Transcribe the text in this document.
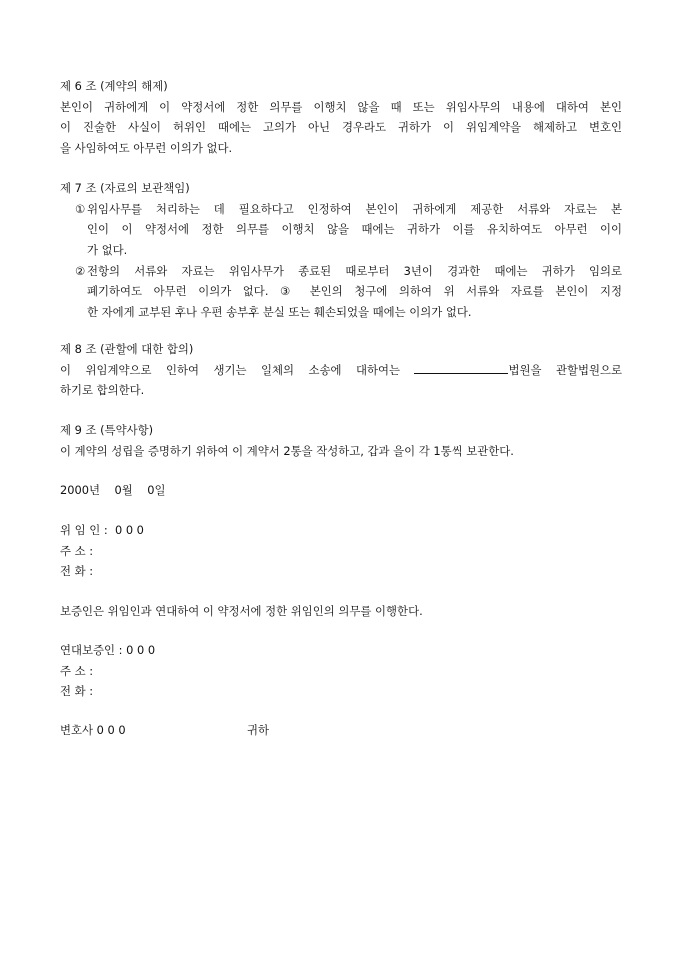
제 6 조 (계약의 해제)
본인이 귀하에게 이 약정서에 정한 의무를 이행치 않을 때 또는 위임사무의 내용에 대하여 본인
이 진술한 사실이 허위인 때에는 고의가 아닌 경우라도 귀하가 이 위임계약을 해제하고 변호인
을 사임하여도 아무런 이의가 없다.
제 7 조 (자료의 보관책임)
① 위임사무를 처리하는 데 필요하다고 인정하여 본인이 귀하에게 제공한 서류와 자료는 본
인이 이 약정서에 정한 의무를 이행치 않을 때에는 귀하가 이를 유치하여도 아무런 이이
가 없다.
② 전항의 서류와 자료는 위임사무가 종료된 때로부터 3년이 경과한 때에는 귀하가 임의로
폐기하여도 아무런 이의가 없다. ③ 본인의 청구에 의하여 위 서류와 자료를 본인이 지정
한 자에게 교부된 후나 우편 송부후 분실 또는 훼손되었을 때에는 이의가 없다.
제 8 조 (관할에 대한 합의)
이 위임계약으로 인하여 생기는 일체의 소송에 대하여는	법원을 관할법원으로
하기로 합의한다.
제 9 조 (특약사항)
이 계약의 성립을 증명하기 위하여 이 계약서 2통을 작성하고, 갑과 을이 각 1통씩 보관한다.
2000년    0월    0일
위 임 인 :  0 0 0
주 소 :
전 화 :
보증인은 위임인과 연대하여 이 약정서에 정한 위임인의 의무를 이행한다.
연대보증인 : 0 0 0
주 소 :
전 화 :
변호사 0 0 0	귀하
